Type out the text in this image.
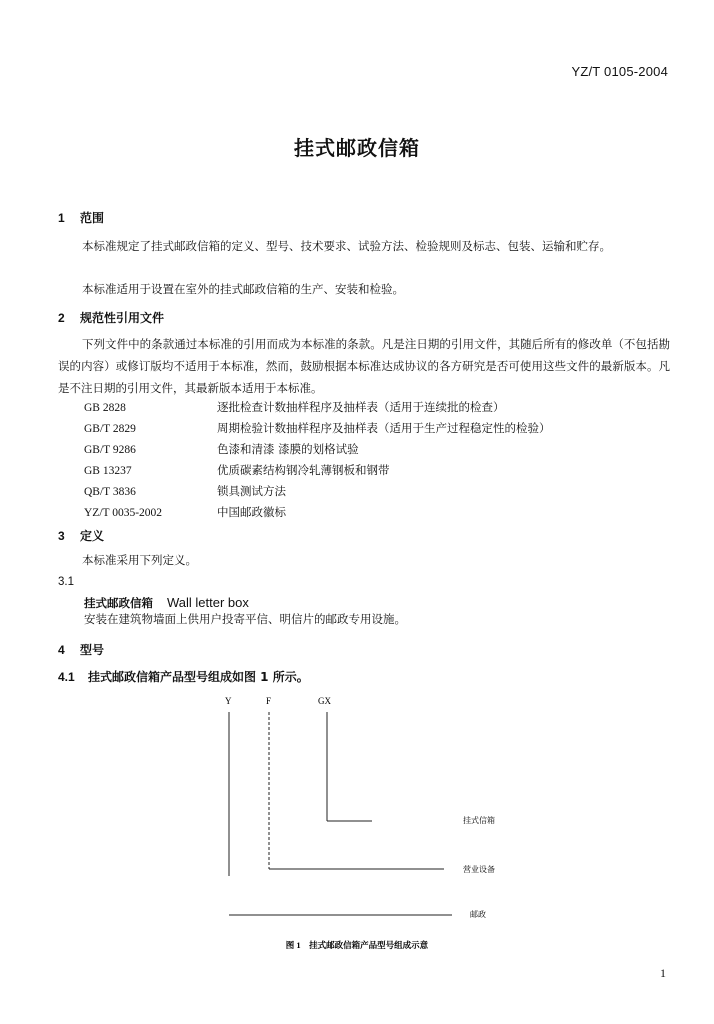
YZ/T 0105-2004
挂式邮政信箱
1 范围
本标准规定了挂式邮政信箱的定义、型号、技术要求、试验方法、检验规则及标志、包装、运输和贮存。
本标准适用于设置在室外的挂式邮政信箱的生产、安装和检验。
2 规范性引用文件
下列文件中的条款通过本标准的引用而成为本标准的条款。凡是注日期的引用文件，其随后所有的修改单（不包括勘误的内容）或修订版均不适用于本标准，然而，鼓励根据本标准达成协议的各方研究是否可使用这些文件的最新版本。凡是不注日期的引用文件，其最新版本适用于本标准。
GB 2828	逐批检查计数抽样程序及抽样表（适用于连续批的检查）
GB/T 2829	周期检验计数抽样程序及抽样表（适用于生产过程稳定性的检验）
GB/T 9286	色漆和清漆 漆膜的划格试验
GB 13237	优质碳素结构钢冷轧薄钢板和钢带
QB/T 3836	锁具测试方法
YZ/T 0035-2002	中国邮政徽标
3 定义
本标准采用下列定义。
3.1
挂式邮政信箱 Wall letter box
安装在建筑物墙面上供用户投寄平信、明信片的邮政专用设施。
4 型号
4.1 挂式邮政信箱产品型号组成如图 1 所示。
Y	F	GX
挂式信箱
营业设备
邮政
图 1　挂式邮政信箱产品型号组成示意
1
